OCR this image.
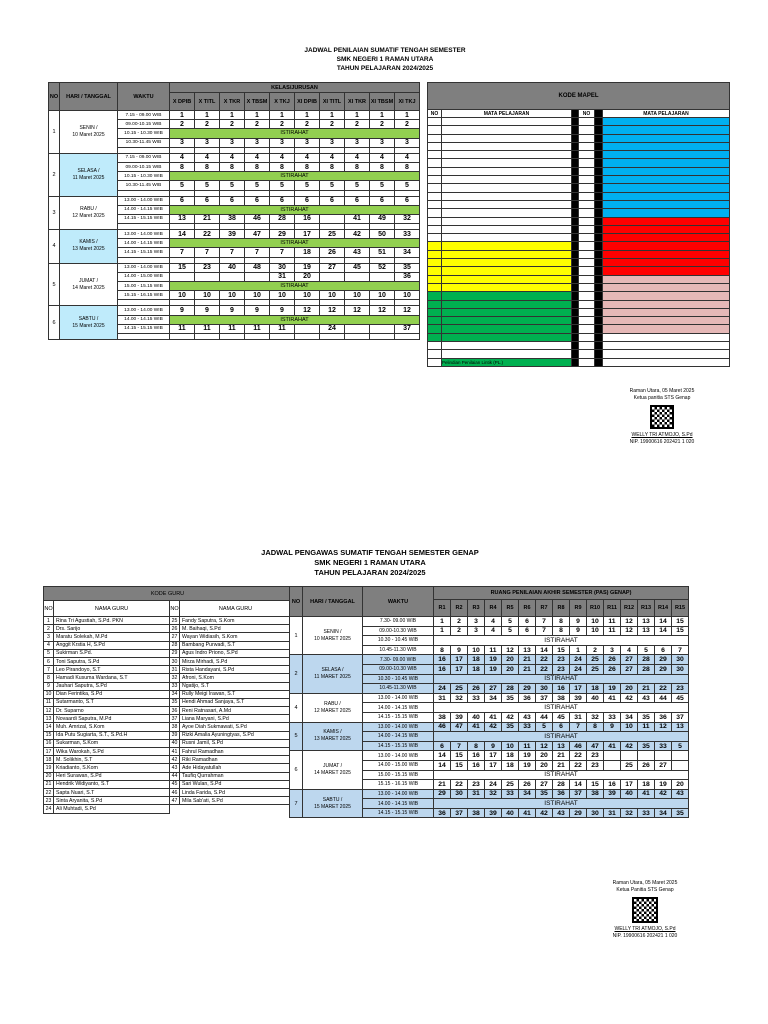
JADWAL PENILAIAN SUMATIF TENGAH SEMESTER
SMK NEGERI 1 RAMAN UTARA
TAHUN PELAJARAN 2024/2025
NO	HARI / TANGGAL	WAKTU	KELAS/JURUSAN									
			X DPIB	X TITL	X TKR	X TBSM	X TKJ	XI DPIB	XI TITL	XI TKR	XI TBSM	XI TKJ
1	SENIN /
10 Maret 2025	7.15 - 09.00 WIB	1	1	1	1	1	1	1	1	1	1
		09.00-10.15 WIB	2	2	2	2	2	2	2	2	2	2
		10.15 - 10.30 WIB	ISTIRAHAT									
		10.30-11.45 WIB	3	3	3	3	3	3	3	3	3	3

2	SELASA /
11 Maret 2025	7.15 - 09.00 WIB	4	4	4	4	4	4	4	4	4	4
		09.00-10.15 WIB	8	8	8	8	8	8	8	8	8	8
		10.15 - 10.30 WIB	ISTIRAHAT									
		10.30-11.45 WIB	5	5	5	5	5	5	5	5	5	5

3	RABU /
12 Maret 2025	13.00 - 14.00 WIB	6	6	6	6	6	6	6	6	6	6
		14.00 - 14.15 WIB	ISTIRAHAT									
		14.15 - 15.15 WIB	13	21	38	46	28	16		41	49	32

4	KAMIS /
13 Maret 2025	13.00 - 14.00 WIB	14	22	39	47	29	17	25	42	50	33
		14.00 - 14.15 WIB	ISTIRAHAT									
		14.15 - 15.15 WIB	7	7	7	7	7	18	26	43	51	34

5	JUMAT /
14 Maret 2025	13.00 - 14.00 WIB	15	23	40	48	30	19	27	45	52	35
		14.00 - 15.00 WIB					31	20				36
		15.00 - 15.15 WIB	ISTIRAHAT									
		15.15 - 16.15 WIB	10	10	10	10	10	10	10	10	10	10

6	SABTU /
15 Maret 2025	13.00 - 14.00 WIB	9	9	9	9	9	12	12	12	12	12
		14.00 - 14.15 WIB	ISTIRAHAT									
		14.15 - 15.15 WIB	11	11	11	11	11		24			37

KODE MAPEL					
NO	MATA PELAJARAN		NO		MATA PELAJARAN

	Pelindian Penilaian Lintik (PL.)				
Raman Utara, 05 Maret 2025
Ketua panitia STS Genap
WELLY TRI ATMOJO, S.Pd
NIP. 19900616 202421 1 020
JADWAL PENGAWAS SUMATIF TENGAH SEMESTER GENAP
SMK NEGERI 1 RAMAN UTARA
TAHUN PELAJARAN 2024/2025
KODE GURU			
NO	NAMA GURU	NO	NAMA GURU
1	Rina Tri Agustiah, S.Pd. PKN	25	Fandy Saputra, S.Kom
2	Drs. Sarijo	26	M. Baihaqi, S.Pd
3	Maratu Solekah, M.Pd	27	Wayan Widiasih, S.Kom
4	Anggit Krstia H, S.Pd	28	Bambang Purwadi, S.T
5	Sukirman S.Pd.	29	Agus Indro Priono, S.Pd
6	Toni Saputra, S.Pd	30	Mirza Mirhadi, S.Pd
7	Leo Pirandoyo, S.T	31	Rista Handayani, S.Pd
8	Hamadi Kusuma Wardana, S.T	32	Afroni, S.Kom
9	Jauhari Saputra, S.Pd	33	Ngatijo, S.T
10	Dian Ferintika, S.Pd	34	Rully Meigi Irawan, S.T
11	Sutarmanto, S.T	35	Hendi Ahmad Sanjaya, S.T
12	Dr. Suparno	36	Reni Ratnasari, A.Md
13	Novaardi Saputra, M.Pd	37	Liana Maryani, S.Pd
14	Muh. Amrizal, S.Kom	38	Ayoe Diah Sukmawati, S.Pd
15	Ida Putu Sugiarta, S.T., S.Pd.H	39	Rizki Amalia Ayuningtyas, S.Pd
16	Sukarman, S.Kom	40	Rusni Jamil, S.Pd
17	Wika Warokah, S.Pd	41	Fahrul Ramadhan
18	M. Solikhin, S.T	42	Riki Ramadhan
19	Kriadianto, S.Kom	43	Ade Hidayatullah
20	Heri Surawan, S.Pd	44	Taufiq Qurrahman
21	Hendrik Widiyanto, S.T	45	Sari Wulan, S.Pd
22	Sapta Nuari, S.T	46	Linda Farida, S.Pd
23	Sinta Aryanita, S.Pd	47	Mila Sab'ati, S.Pd
24	Ali Muhtadi, S.Pd		
NO	HARI / TANGGAL	WAKTU	RUANG PENILAIAN AKHIR SEMESTER (PAS) GENAP)														
			R1	R2	R3	R4	R5	R6	R7	R8	R9	R10	R11	R12	R13	R14	R15
1	SENIN /
10 MARET 2025	7.30- 09.00 WIB	1	2	3	4	5	6	7	8	9	10	11	12	13	14	15
		09.00-10.30 WIB	1	2	3	4	5	6	7	8	9	10	11	12	13	14	15
		10.30 - 10.45 WIB	ISTIRAHAT														
		10.45-11.30 WIB	8	9	10	11	12	13	14	15	1	2	3	4	5	6	7
2	SELASA /
11 MARET 2025	7.30- 09.00 WIB	16	17	18	19	20	21	22	23	24	25	26	27	28	29	30
		09.00-10.30 WIB	16	17	18	19	20	21	22	23	24	25	26	27	28	29	30
		10.30 - 10.45 WIB	ISTIRAHAT														
		10.45-11.30 WIB	24	25	26	27	28	29	30	16	17	18	19	20	21	22	23
4	RABU /
12 MARET 2025	13.00 - 14.00 WIB	31	32	33	34	35	36	37	38	39	40	41	42	43	44	45
		14.00 - 14.15 WIB	ISTIRAHAT														
		14.15 - 15.15 WIB	38	39	40	41	42	43	44	45	31	32	33	34	35	36	37
5	KAMIS /
13 MARET 2025	13.00 - 14.00 WIB	46	47	41	42	35	33	5	6	7	8	9	10	11	12	13
		14.00 - 14.15 WIB	ISTIRAHAT														
		14.15 - 15.15 WIB	6	7	8	9	10	11	12	13	46	47	41	42	35	33	5
6	JUMAT /
14 MARET 2025	13.00 - 14.00 WIB	14	15	16	17	18	19	20	21	22	23					
		14.00 - 15.00 WIB	14	15	16	17	18	19	20	21	22	23		25	26	27	
		15.00 - 15.15 WIB	ISTIRAHAT														
		15.15 - 16.15 WIB	21	22	23	24	25	26	27	28	14	15	16	17	18	19	20
7	SABTU /
15 MARET 2025	13.00 - 14.00 WIB	29	30	31	32	33	34	35	36	37	38	39	40	41	42	43
		14.00 - 14.15 WIB	ISTIRAHAT														
		14.15 - 15.15 WIB	36	37	38	39	40	41	42	43	29	30	31	32	33	34	35
Raman Utara, 05 Maret 2025
Ketua Panitia STS Genap
WELLY TRI ATMOJO, S.Pd
NIP. 19900616 202421 1 020
